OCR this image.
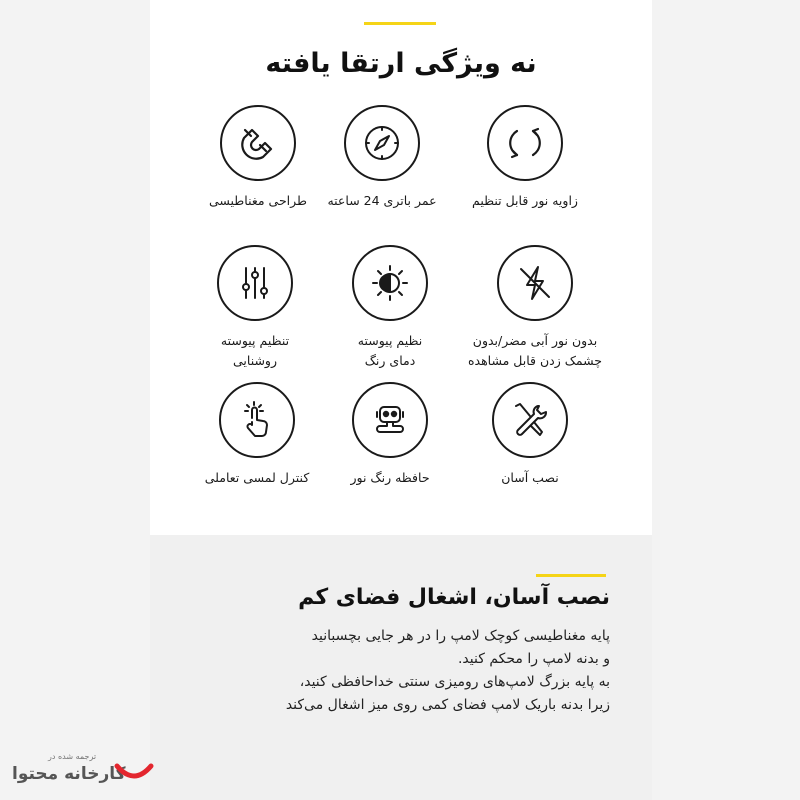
نه ویژگی ارتقا یافته
زاویه نور قابل تنظیم
عمر باتری 24 ساعته
طراحی مغناطیسی
بدون نور آبی مضر/بدون
چشمک زدن قابل مشاهده
نظیم پیوسته
دمای رنگ
تنظیم پیوسته
روشنایی
نصب آسان
حافظه رنگ نور
کنترل لمسی تعاملی
نصب آسان، اشغال فضای کم

پایه مغناطیسی کوچک لامپ را در هر جایی بچسبانید

و بدنه لامپ را محکم کنید.

به پایه بزرگ لامپ‌های رومیزی سنتی خداحافظی کنید،

زیرا بدنه باریک لامپ فضای کمی روی میز اشغال می‌کند

ترجمه شده در
کارخانه محتوا
